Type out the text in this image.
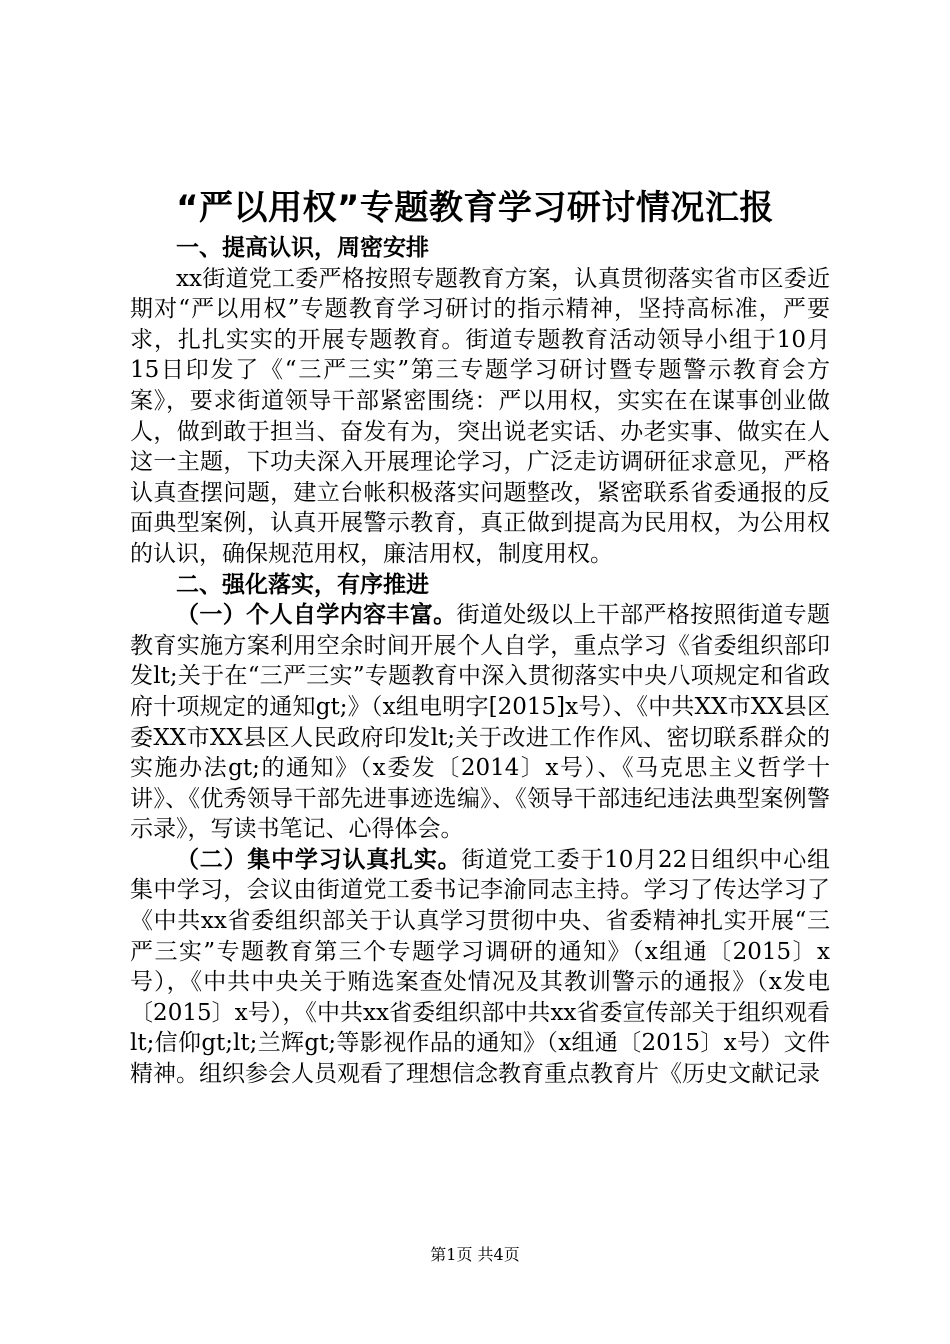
“严以用权”专题教育学习研讨情况汇报
一、提高认识，周密安排

xx街道党工委严格按照专题教育方案，认真贯彻落实省市区委近期对“严以用权”专题教育学习研讨的指示精神，坚持高标准，严要求，扎扎实实的开展专题教育。街道专题教育活动领导小组于10月15日印发了《“三严三实”第三专题学习研讨暨专题警示教育会方案》，要求街道领导干部紧密围绕：严以用权，实实在在谋事创业做人，做到敢于担当、奋发有为，突出说老实话、办老实事、做实在人这一主题，下功夫深入开展理论学习，广泛走访调研征求意见，严格认真查摆问题，建立台帐积极落实问题整改，紧密联系省委通报的反面典型案例，认真开展警示教育，真正做到提高为民用权，为公用权的认识，确保规范用权，廉洁用权，制度用权。

二、强化落实，有序推进

（一）个人自学内容丰富。街道处级以上干部严格按照街道专题教育实施方案利用空余时间开展个人自学，重点学习《省委组织部印发lt;关于在“三严三实”专题教育中深入贯彻落实中央八项规定和省政府十项规定的通知gt;》（x组电明字[2015]x号）、《中共XX市XX县区委XX市XX县区人民政府印发lt;关于改进工作作风、密切联系群众的实施办法gt;的通知》（x委发〔2014〕x号）、《马克思主义哲学十讲》、《优秀领导干部先进事迹选编》、《领导干部违纪违法典型案例警示录》，写读书笔记、心得体会。

（二）集中学习认真扎实。街道党工委于10月22日组织中心组集中学习，会议由街道党工委书记李渝同志主持。学习了传达学习了《中共xx省委组织部关于认真学习贯彻中央、省委精神扎实开展“三严三实”专题教育第三个专题学习调研的通知》（x组通〔2015〕x号），《中共中央关于贿选案查处情况及其教训警示的通报》（x发电〔2015〕x号），《中共xx省委组织部中共xx省委宣传部关于组织观看lt;信仰gt;lt;兰辉gt;等影视作品的通知》（x组通〔2015〕x号）文件精神。组织参会人员观看了理想信念教育重点教育片《历史文献记录

第1页 共4页
